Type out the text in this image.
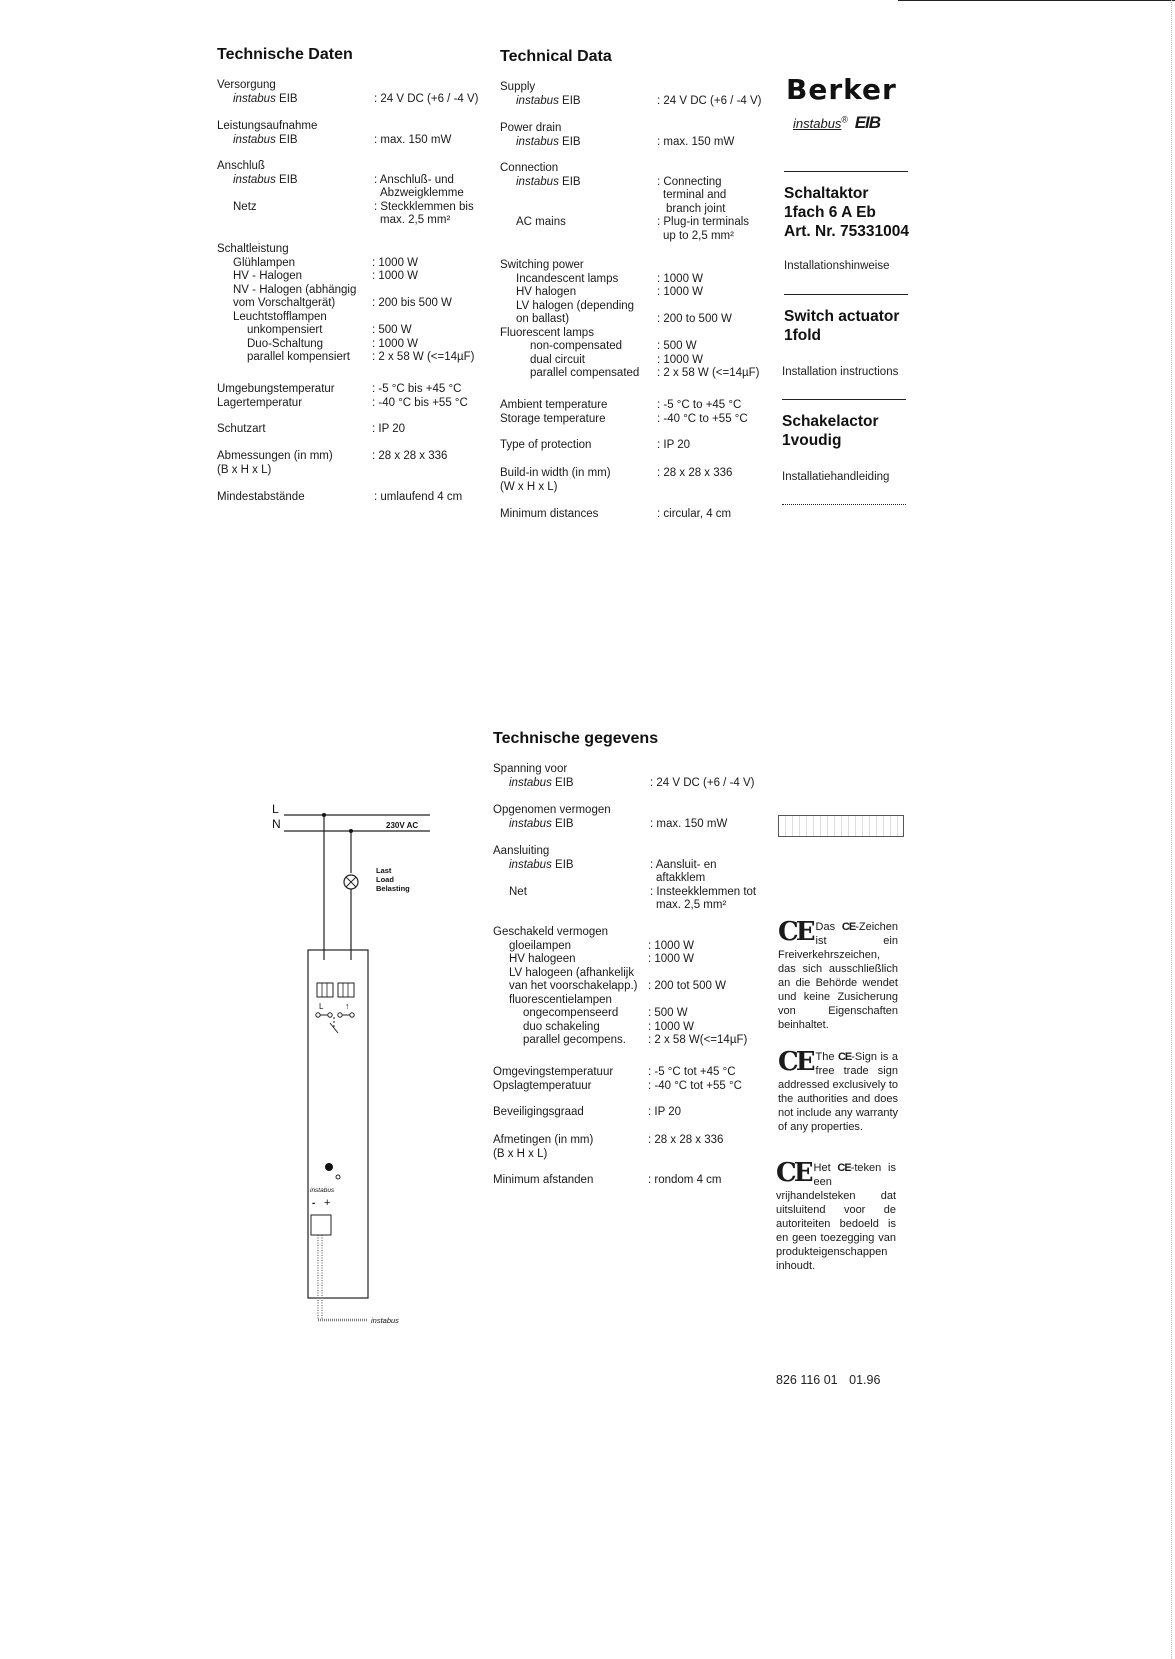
Technische Daten
Versorgung
instabus EIB	: 24 V DC (+6 / -4 V)
Leistungsaufnahme
instabus EIB	: max. 150 mW
Anschluß
instabus EIB	: Anschluß- und
Abzweigklemme
Netz	: Steckklemmen bis
max. 2,5 mm²
Schaltleistung
Glühlampen	: 1000 W
HV - Halogen	: 1000 W
NV - Halogen (abhängig
vom Vorschaltgerät)	: 200 bis 500 W
Leuchtstofflampen
unkompensiert	: 500 W
Duo-Schaltung	: 1000 W
parallel kompensiert : 2 x 58 W (<=14µF)
Umgebungstemperatur	: -5 °C bis +45 °C
Lagertemperatur	: -40 °C bis +55 °C
Schutzart	: IP 20
Abmessungen (in mm)	: 28 x 28 x 336
(B x H x L)
Mindestabstände	: umlaufend 4 cm
Technical Data
Supply
instabus EIB	: 24 V DC (+6 / -4 V)
Power drain
instabus EIB	: max. 150 mW
Connection
instabus EIB	: Connecting
terminal and
branch joint
AC mains	: Plug-in terminals
up to 2,5 mm²
Switching power
Incandescent lamps	: 1000 W
HV halogen	: 1000 W
LV halogen (depending
on ballast)	: 200 to 500 W
Fluorescent lamps
non-compensated	: 500 W
dual circuit	: 1000 W
parallel compensated : 2 x 58 W (<=14µF)
Ambient temperature	: -5 °C to +45 °C
Storage temperature	: -40 °C to +55 °C
Type of protection	: IP 20
Build-in width (in mm)	: 28 x 28 x 336
(W x H x L)
Minimum distances	: circular, 4 cm
Berker
instabus® EIB
Schaltaktor
1fach 6 A Eb
Art. Nr. 75331004
Installationshinweise
Switch actuator
1fold
Installation instructions
Schakelactor
1voudig
Installatiehandleiding
Technische gegevens
Spanning voor
instabus EIB	: 24 V DC (+6 / -4 V)
Opgenomen vermogen
instabus EIB	: max. 150 mW
Aansluiting
instabus EIB	: Aansluit- en
aftakklem
Net	: Insteekklemmen tot
max. 2,5 mm²
Geschakeld vermogen
gloeilampen	: 1000 W
HV halogeen	: 1000 W
LV halogeen (afhankelijk
van het voorschakelapp.) : 200 tot 500 W
fluorescentielampen
ongecompenseerd	: 500 W
duo schakeling	: 1000 W
parallel gecompens. : 2 x 58 W(<=14µF)
Omgevingstemperatuur	: -5 °C tot +45 °C
Opslagtemperatuur	: -40 °C tot +55 °C
Beveiligingsgraad	: IP 20
Afmetingen (in mm)	: 28 x 28 x 336
(B x H x L)
Minimum afstanden	: rondom 4 cm
CE Das CE-Zeichen ist ein Freiverkehrszeichen, das sich ausschließlich an die Behörde wendet und keine Zusicherung von Eigenschaften beinhaltet.
CE The CE-Sign is a free trade sign addressed exclusively to the authorities and does not include any warranty of any properties.
CE Het CE-teken is een vrijhandelsteken dat uitsluitend voor de autoriteiten bedoeld is en geen toezegging van produkteigenschappen inhoudt.
L
N	230V AC
Last
Load
Belasting
L ↑
instabus
- +
instabus
826 116 01 01.96
